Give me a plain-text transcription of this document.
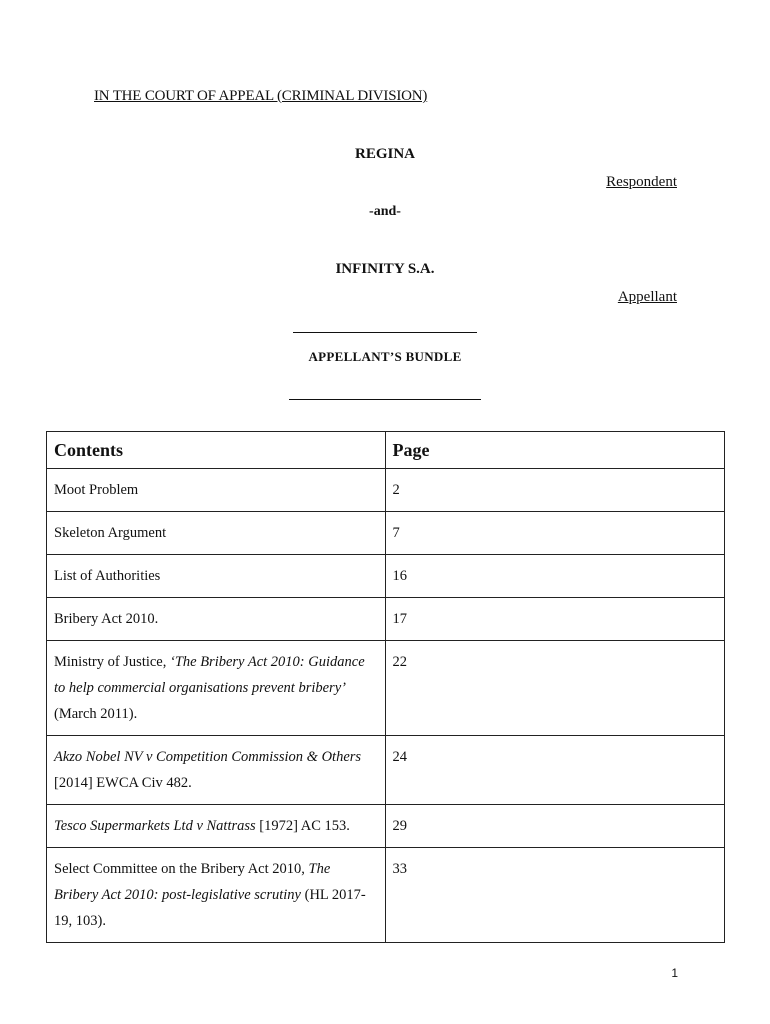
IN THE COURT OF APPEAL (CRIMINAL DIVISION)
REGINA
Respondent
-and-
INFINITY S.A.
Appellant
APPELLANT’S BUNDLE
Contents	Page
Moot Problem	2
Skeleton Argument	7
List of Authorities	16
Bribery Act 2010.	17
Ministry of Justice, ‘The Bribery Act 2010: Guidance to help commercial organisations prevent bribery’ (March 2011).	22
Akzo Nobel NV v Competition Commission & Others [2014] EWCA Civ 482.	24
Tesco Supermarkets Ltd v Nattrass [1972] AC 153.	29
Select Committee on the Bribery Act 2010, The Bribery Act 2010: post-legislative scrutiny (HL 2017-19, 103).	33
1
